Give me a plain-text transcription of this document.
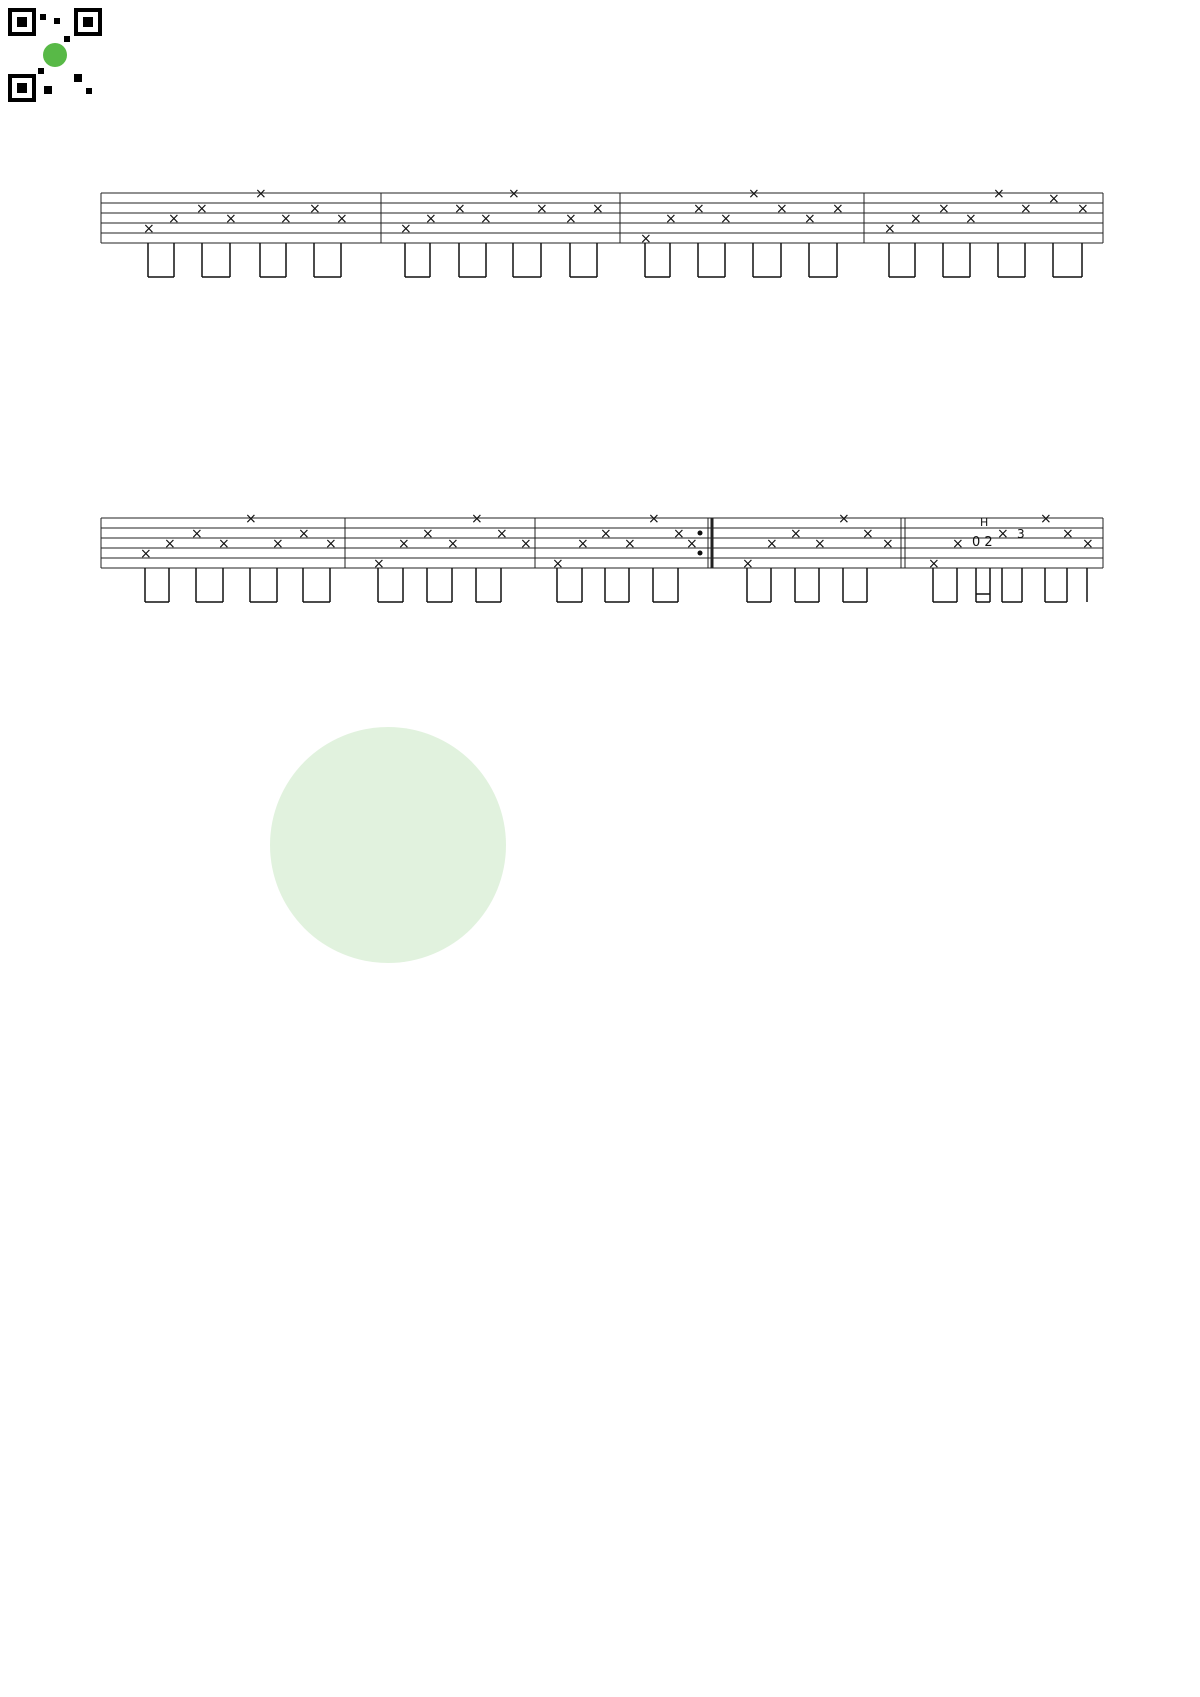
×
×
×
×
×
×
×
×
×
×
×
×
×
×
×
×
×
×
×
×
×
×
×
×
×
×
×
×
×
×
×
×
×
×
×
×
×
×
×
×
×
×
×
×
×
×
×
×
×
×
×
×
×
×
×
×
×
×
×
×
×
×
× 0 2
H
× 3
×
×
×
